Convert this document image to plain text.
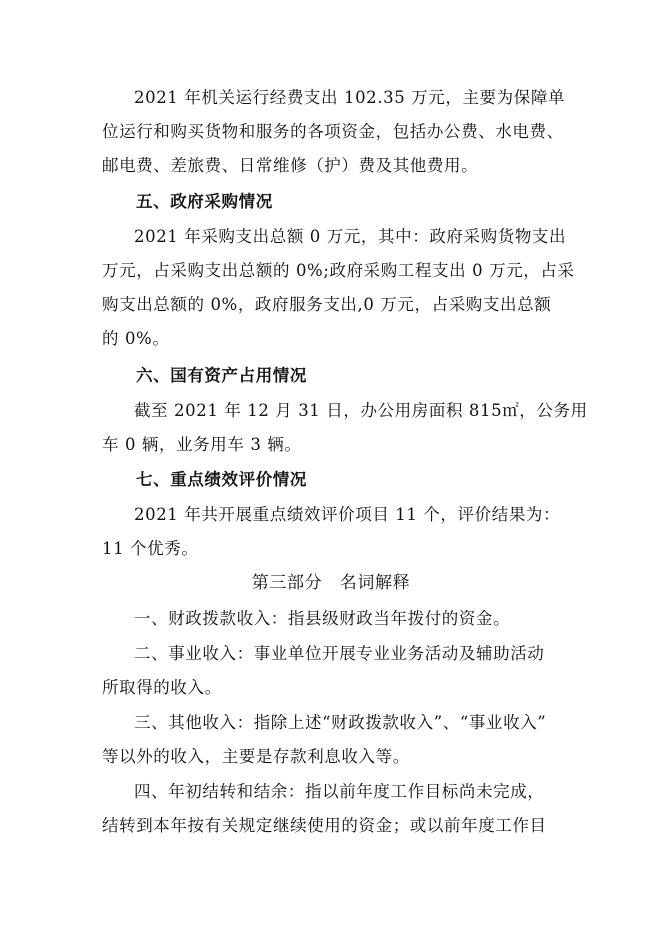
2021 年机关运行经费支出 102.35 万元，主要为保障单
位运行和购买货物和服务的各项资金，包括办公费、水电费、
邮电费、差旅费、日常维修（护）费及其他费用。

五、政府采购情况

2021 年采购支出总额 0 万元，其中：政府采购货物支出
万元，占采购支出总额的 0%;政府采购工程支出 0 万元，占采
购支出总额的 0%，政府服务支出,0 万元，占采购支出总额
的 0%。

六、国有资产占用情况

截至 2021 年 12 月 31 日，办公用房面积 815㎡，公务用
车 0 辆，业务用车 3 辆。

七、重点绩效评价情况

2021 年共开展重点绩效评价项目 11 个，评价结果为：
11 个优秀。

第三部分　名词解释

一、财政拨款收入：指县级财政当年拨付的资金。

二、事业收入：事业单位开展专业业务活动及辅助活动
所取得的收入。

三、其他收入：指除上述“财政拨款收入”、“事业收入”
等以外的收入，主要是存款利息收入等。

四、年初结转和结余：指以前年度工作目标尚未完成，
结转到本年按有关规定继续使用的资金；或以前年度工作目
